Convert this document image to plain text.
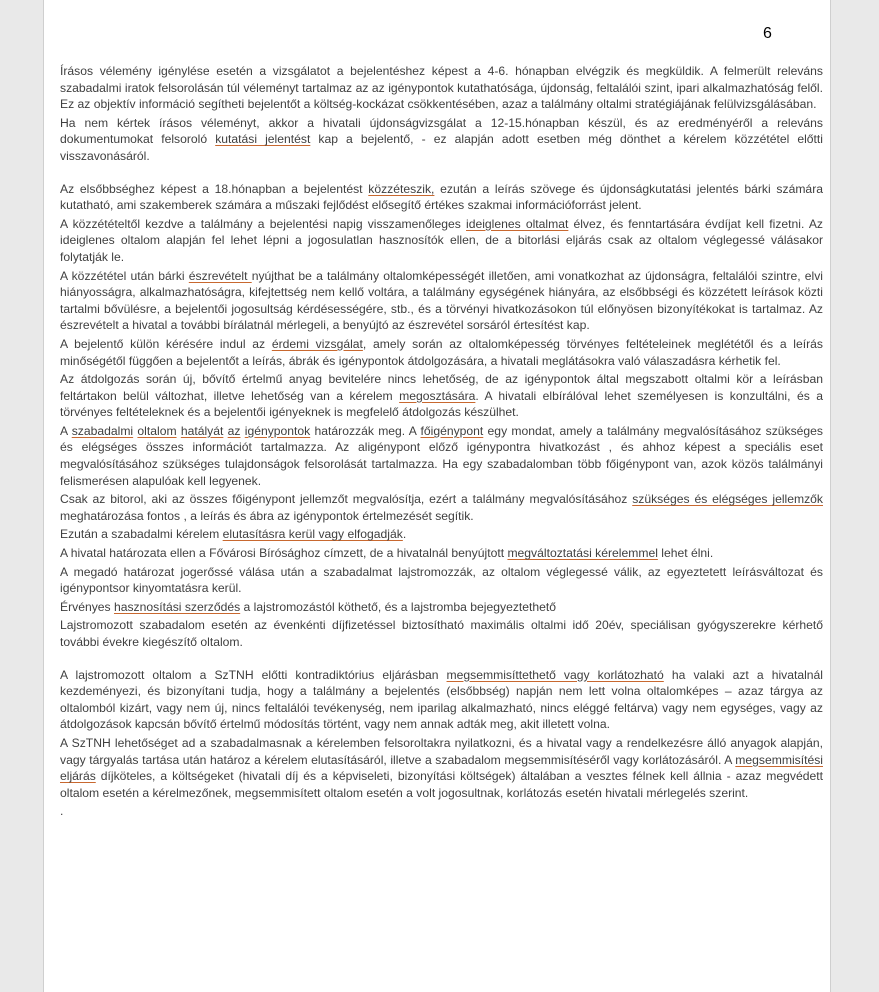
6

Írásos vélemény igénylése esetén a vizsgálatot a bejelentéshez képest a 4-6. hónapban elvégzik és megküldik. A felmerült releváns szabadalmi iratok felsorolásán túl véleményt tartalmaz az az igénypontok kutathatósága, újdonság, feltalálói szint, ipari alkalmazhatóság felől. Ez az objektív információ segítheti bejelentőt a költség-kockázat csökkentésében, azaz a találmány oltalmi stratégiájának felülvizsgálásában.

Ha nem kértek írásos véleményt, akkor a hivatali újdonságvizsgálat a 12-15.hónapban készül, és az eredményéről a releváns dokumentumokat felsoroló kutatási jelentést kap a bejelentő, - ez alapján adott esetben még dönthet a kérelem közzététel előtti visszavonásáról.

Az elsőbbséghez képest a 18.hónapban a bejelentést közzéteszik, ezután a leírás szövege és újdonságkutatási jelentés bárki számára kutatható, ami szakemberek számára a műszaki fejlődést elősegítő értékes szakmai információforrást jelent.

A közzétételtől kezdve a találmány a bejelentési napig visszamenőleges ideiglenes oltalmat élvez, és fenntartására évdíjat kell fizetni. Az ideiglenes oltalom alapján fel lehet lépni a jogosulatlan hasznosítók ellen, de a bitorlási eljárás csak az oltalom véglegessé válásakor folytatják le.

A közzététel után bárki észrevételt nyújthat be a találmány oltalomképességét illetően, ami vonatkozhat az újdonságra, feltalálói szintre, elvi hiányosságra, alkalmazhatóságra, kifejtettség nem kellő voltára, a találmány egységének hiányára, az elsőbbségi és közzétett leírások közti tartalmi bővülésre, a bejelentői jogosultság kérdésességére, stb., és a törvényi hivatkozásokon túl előnyösen bizonyítékokat is tartalmaz. Az észrevételt a hivatal a további bírálatnál mérlegeli, a benyújtó az észrevétel sorsáról értesítést kap.

A bejelentő külön kérésére indul az érdemi vizsgálat, amely során az oltalomképesség törvényes feltételeinek meglététől és a leírás minőségétől függően a bejelentőt a leírás, ábrák és igénypontok átdolgozására, a hivatali meglátásokra való válaszadásra kérhetik fel.

Az átdolgozás során új, bővítő értelmű anyag bevitelére nincs lehetőség, de az igénypontok által megszabott oltalmi kör a leírásban feltártakon belül változhat, illetve lehetőség van a kérelem megosztására. A hivatali elbírálóval lehet személyesen is konzultálni, és a törvényes feltételeknek és a bejelentői igényeknek is megfelelő átdolgozás készülhet.

A szabadalmi oltalom hatályát az igénypontok határozzák meg. A főigénypont egy mondat, amely a találmány megvalósításához szükséges és elégséges összes információt tartalmazza. Az aligénypont előző igénypontra hivatkozást , és ahhoz képest a speciális eset megvalósításához szükséges tulajdonságok felsorolását tartalmazza. Ha egy szabadalomban több főigénypont van, azok közös találmányi felismerésen alapulóak kell legyenek.

Csak az bitorol, aki az összes főigénypont jellemzőt megvalósítja, ezért a találmány megvalósításához szükséges és elégséges jellemzők meghatározása fontos , a leírás és ábra az igénypontok értelmezését segítik.

Ezután a szabadalmi kérelem elutasításra kerül vagy elfogadják.

A hivatal határozata ellen a Fővárosi Bírósághoz címzett, de a hivatalnál benyújtott megváltoztatási kérelemmel lehet élni.

A megadó határozat jogerőssé válása után a szabadalmat lajstromozzák, az oltalom véglegessé válik, az egyeztetett leírásváltozat és igénypontsor kinyomtatásra kerül.

Érvényes hasznosítási szerződés a lajstromozástól köthető, és a lajstromba bejegyeztethető

Lajstromozott szabadalom esetén az évenkénti díjfizetéssel biztosítható maximális oltalmi idő 20év, speciálisan gyógyszerekre kérhető további évekre kiegészítő oltalom.

A lajstromozott oltalom a SzTNH előtti kontradiktórius eljárásban megsemmisíttethető vagy korlátozható ha valaki azt a hivatalnál kezdeményezi, és bizonyítani tudja, hogy a találmány a bejelentés (elsőbbség) napján nem lett volna oltalomképes – azaz tárgya az oltalomból kizárt, vagy nem új, nincs feltalálói tevékenység, nem iparilag alkalmazható, nincs eléggé feltárva) vagy nem egységes, vagy az átdolgozások kapcsán bővítő értelmű módosítás történt, vagy nem annak adták meg, akit illetett volna.

A SzTNH lehetőséget ad a szabadalmasnak a kérelemben felsoroltakra nyilatkozni, és a hivatal vagy a rendelkezésre álló anyagok alapján, vagy tárgyalás tartása után határoz a kérelem elutasításáról, illetve a szabadalom megsemmisítéséről vagy korlátozásáról. A megsemmisítési eljárás díjköteles, a költségeket (hivatali díj és a képviseleti, bizonyítási költségek) általában a vesztes félnek kell állnia - azaz megvédett oltalom esetén a kérelmezőnek, megsemmisített oltalom esetén a volt jogosultnak, korlátozás esetén hivatali mérlegelés szerint.

.
